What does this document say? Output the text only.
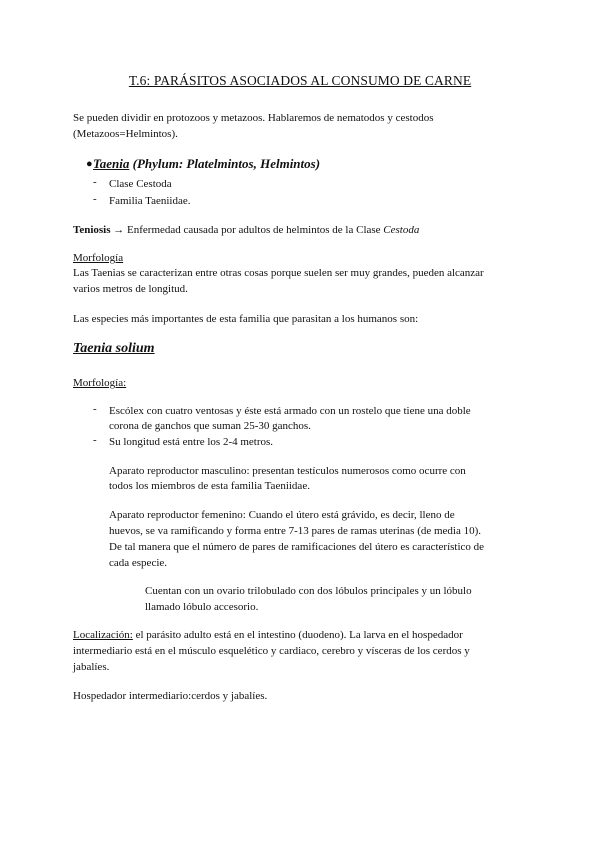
T.6: PARÁSITOS ASOCIADOS AL CONSUMO DE CARNE

Se pueden dividir en protozoos y metazoos. Hablaremos de nematodos y cestodos

(Metazoos=Helmintos).

● Taenia (Phylum: Platelmintos, Helmintos)
- Clase Cestoda

- Familia Taeniidae.

Teniosis → Enfermedad causada por adultos de helmintos de la Clase Cestoda

Morfología

Las Taenias se caracterizan entre otras cosas porque suelen ser muy grandes, pueden alcanzar

varios metros de longitud.

Las especies más importantes de esta familia que parasitan a los humanos son:

Taenia solium

Morfología:

- Escólex con cuatro ventosas y éste está armado con un rostelo que tiene una doble

corona de ganchos que suman 25-30 ganchos.

- Su longitud está entre los 2-4 metros.

Aparato reproductor masculino: presentan testículos numerosos como ocurre con

todos los miembros de esta familia Taeniidae.

Aparato reproductor femenino: Cuando el útero está grávido, es decir, lleno de

huevos, se va ramificando y forma entre 7-13 pares de ramas uterinas (de media 10).

De tal manera que el número de pares de ramificaciones del útero es característico de

cada especie.

Cuentan con un ovario trilobulado con dos lóbulos principales y un lóbulo

llamado lóbulo accesorio.

Localización: el parásito adulto está en el intestino (duodeno). La larva en el hospedador

intermediario está en el músculo esquelético y cardiaco, cerebro y vísceras de los cerdos y

jabalíes.

Hospedador intermediario:cerdos y jabalíes.
